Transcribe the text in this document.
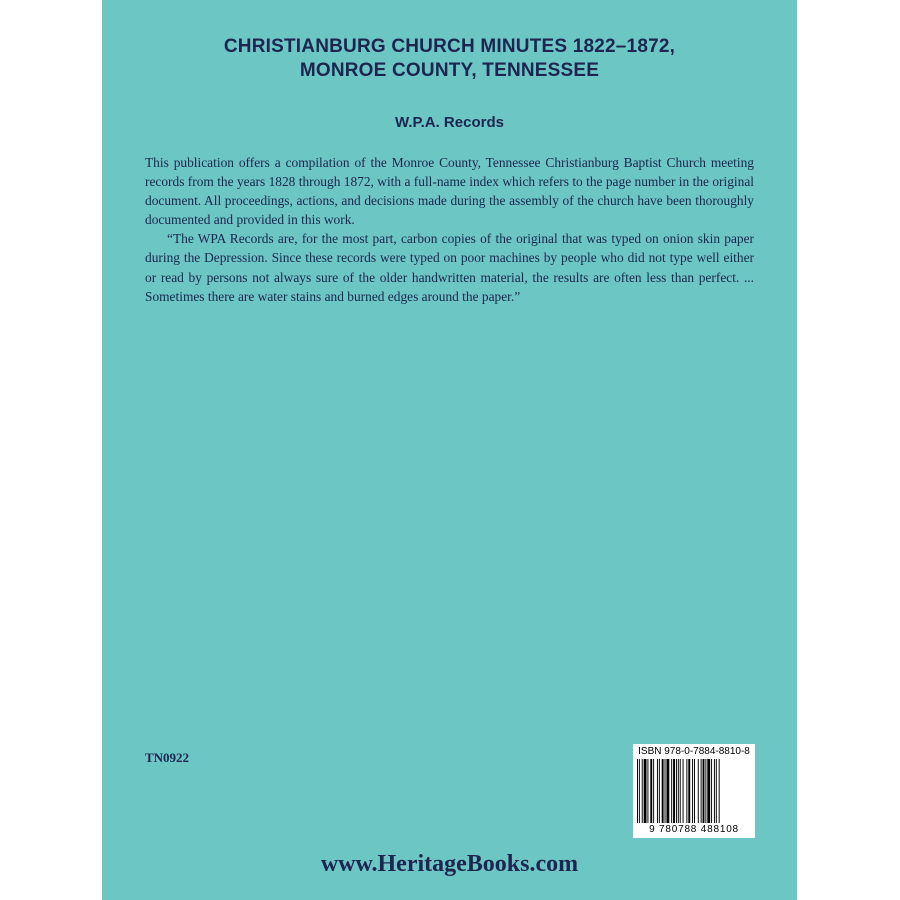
CHRISTIANBURG CHURCH MINUTES 1822–1872,
MONROE COUNTY, TENNESSEE
W.P.A. Records

This publication offers a compilation of the Monroe County, Tennessee Christianburg Baptist Church meeting records from the years 1828 through 1872, with a full-name index which refers to the page number in the original document. All proceedings, actions, and decisions made during the assembly of the church have been thoroughly documented and provided in this work.

“The WPA Records are, for the most part, carbon copies of the original that was typed on onion skin paper during the Depression. Since these records were typed on poor machines by people who did not type well either or read by persons not always sure of the older handwritten material, the results are often less than perfect. ... Sometimes there are water stains and burned edges around the paper.”

TN0922	ISBN 978-0-7884-8810-8
9 780788 488108
www.HeritageBooks.com
